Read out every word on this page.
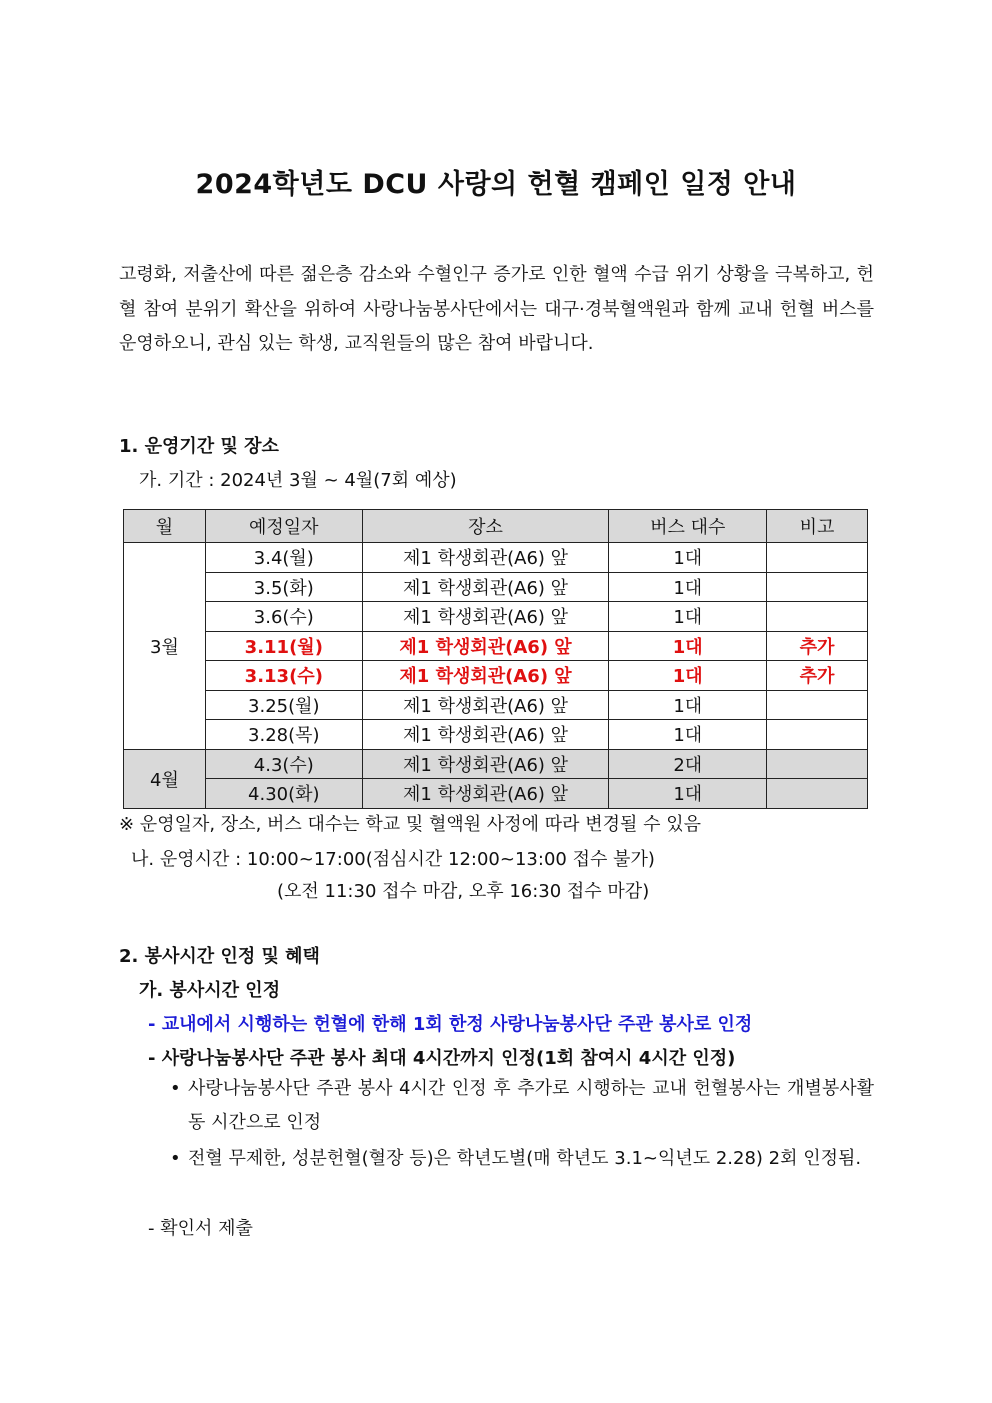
2024학년도 DCU 사랑의 헌혈 캠페인 일정 안내
고령화, 저출산에 따른 젊은층 감소와 수혈인구 증가로 인한 혈액 수급 위기 상황을 극복하고, 헌혈 참여 분위기 확산을 위하여 사랑나눔봉사단에서는 대구·경북혈액원과 함께 교내 헌혈 버스를 운영하오니, 관심 있는 학생, 교직원들의 많은 참여 바랍니다.
1. 운영기간 및 장소
가. 기간 : 2024년 3월 ~ 4월(7회 예상)
월	예정일자	장소	버스 대수	비고
3월	3.4(월)	제1 학생회관(A6) 앞	1대	
	3.5(화)	제1 학생회관(A6) 앞	1대	
	3.6(수)	제1 학생회관(A6) 앞	1대	
	3.11(월)	제1 학생회관(A6) 앞	1대	추가
	3.13(수)	제1 학생회관(A6) 앞	1대	추가
	3.25(월)	제1 학생회관(A6) 앞	1대	
	3.28(목)	제1 학생회관(A6) 앞	1대	
4월	4.3(수)	제1 학생회관(A6) 앞	2대	
	4.30(화)	제1 학생회관(A6) 앞	1대	
※ 운영일자, 장소, 버스 대수는 학교 및 혈액원 사정에 따라 변경될 수 있음
나. 운영시간 : 10:00~17:00(점심시간 12:00~13:00 접수 불가)
(오전 11:30 접수 마감, 오후 16:30 접수 마감)
2. 봉사시간 인정 및 혜택
가. 봉사시간 인정
- 교내에서 시행하는 헌혈에 한해 1회 한정 사랑나눔봉사단 주관 봉사로 인정
- 사랑나눔봉사단 주관 봉사 최대 4시간까지 인정(1회 참여시 4시간 인정)
• 사랑나눔봉사단 주관 봉사 4시간 인정 후 추가로 시행하는 교내 헌혈봉사는 개별봉사활동 시간으로 인정
• 전혈 무제한, 성분헌혈(혈장 등)은 학년도별(매 학년도 3.1~익년도 2.28) 2회 인정됨.
- 확인서 제출
